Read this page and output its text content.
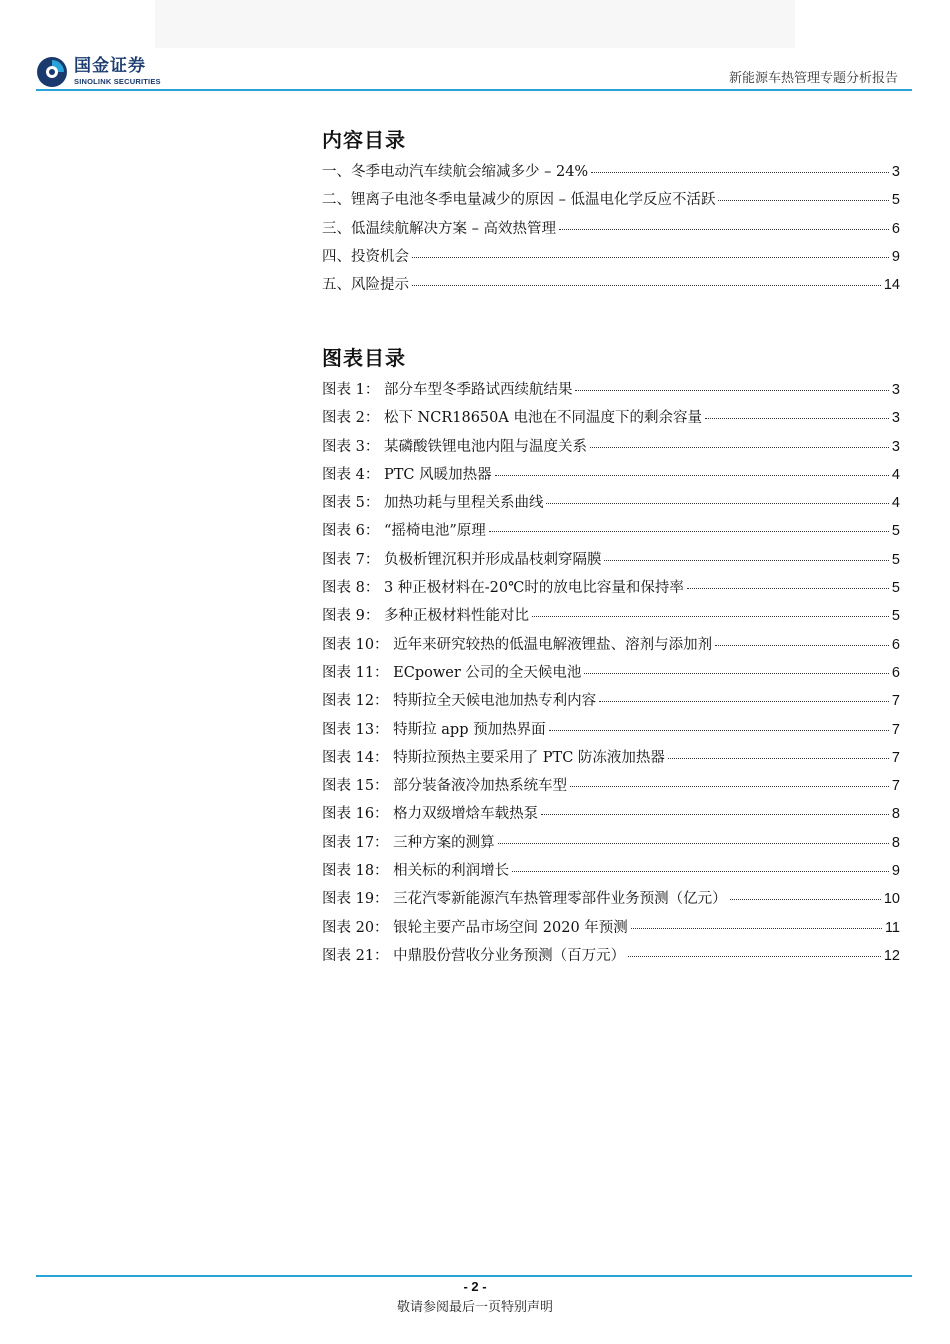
国金证券
SINOLINK SECURITIES	新能源车热管理专题分析报告
内容目录
一、冬季电动汽车续航会缩减多少 – 24%	3
二、锂离子电池冬季电量减少的原因 – 低温电化学反应不活跃	5
三、低温续航解决方案 – 高效热管理	6
四、投资机会	9
五、风险提示	14
图表目录
图表 1： 部分车型冬季路试西续航结果	3
图表 2： 松下 NCR18650A 电池在不同温度下的剩余容量	3
图表 3： 某磷酸铁锂电池内阻与温度关系	3
图表 4： PTC 风暖加热器	4
图表 5： 加热功耗与里程关系曲线	4
图表 6： “摇椅电池”原理	5
图表 7： 负极析锂沉积并形成晶枝刺穿隔膜	5
图表 8： 3 种正极材料在-20℃时的放电比容量和保持率	5
图表 9： 多种正极材料性能对比	5
图表 10： 近年来研究较热的低温电解液锂盐、溶剂与添加剂	6
图表 11： ECpower 公司的全天候电池	6
图表 12： 特斯拉全天候电池加热专利内容	7
图表 13： 特斯拉 app 预加热界面	7
图表 14： 特斯拉预热主要采用了 PTC 防冻液加热器	7
图表 15： 部分装备液冷加热系统车型	7
图表 16： 格力双级增焓车载热泵	8
图表 17： 三种方案的测算	8
图表 18： 相关标的利润增长	9
图表 19： 三花汽零新能源汽车热管理零部件业务预测（亿元）	10
图表 20： 银轮主要产品市场空间 2020 年预测	11
图表 21： 中鼎股份营收分业务预测（百万元）	12
- 2 -
敬请参阅最后一页特别声明
